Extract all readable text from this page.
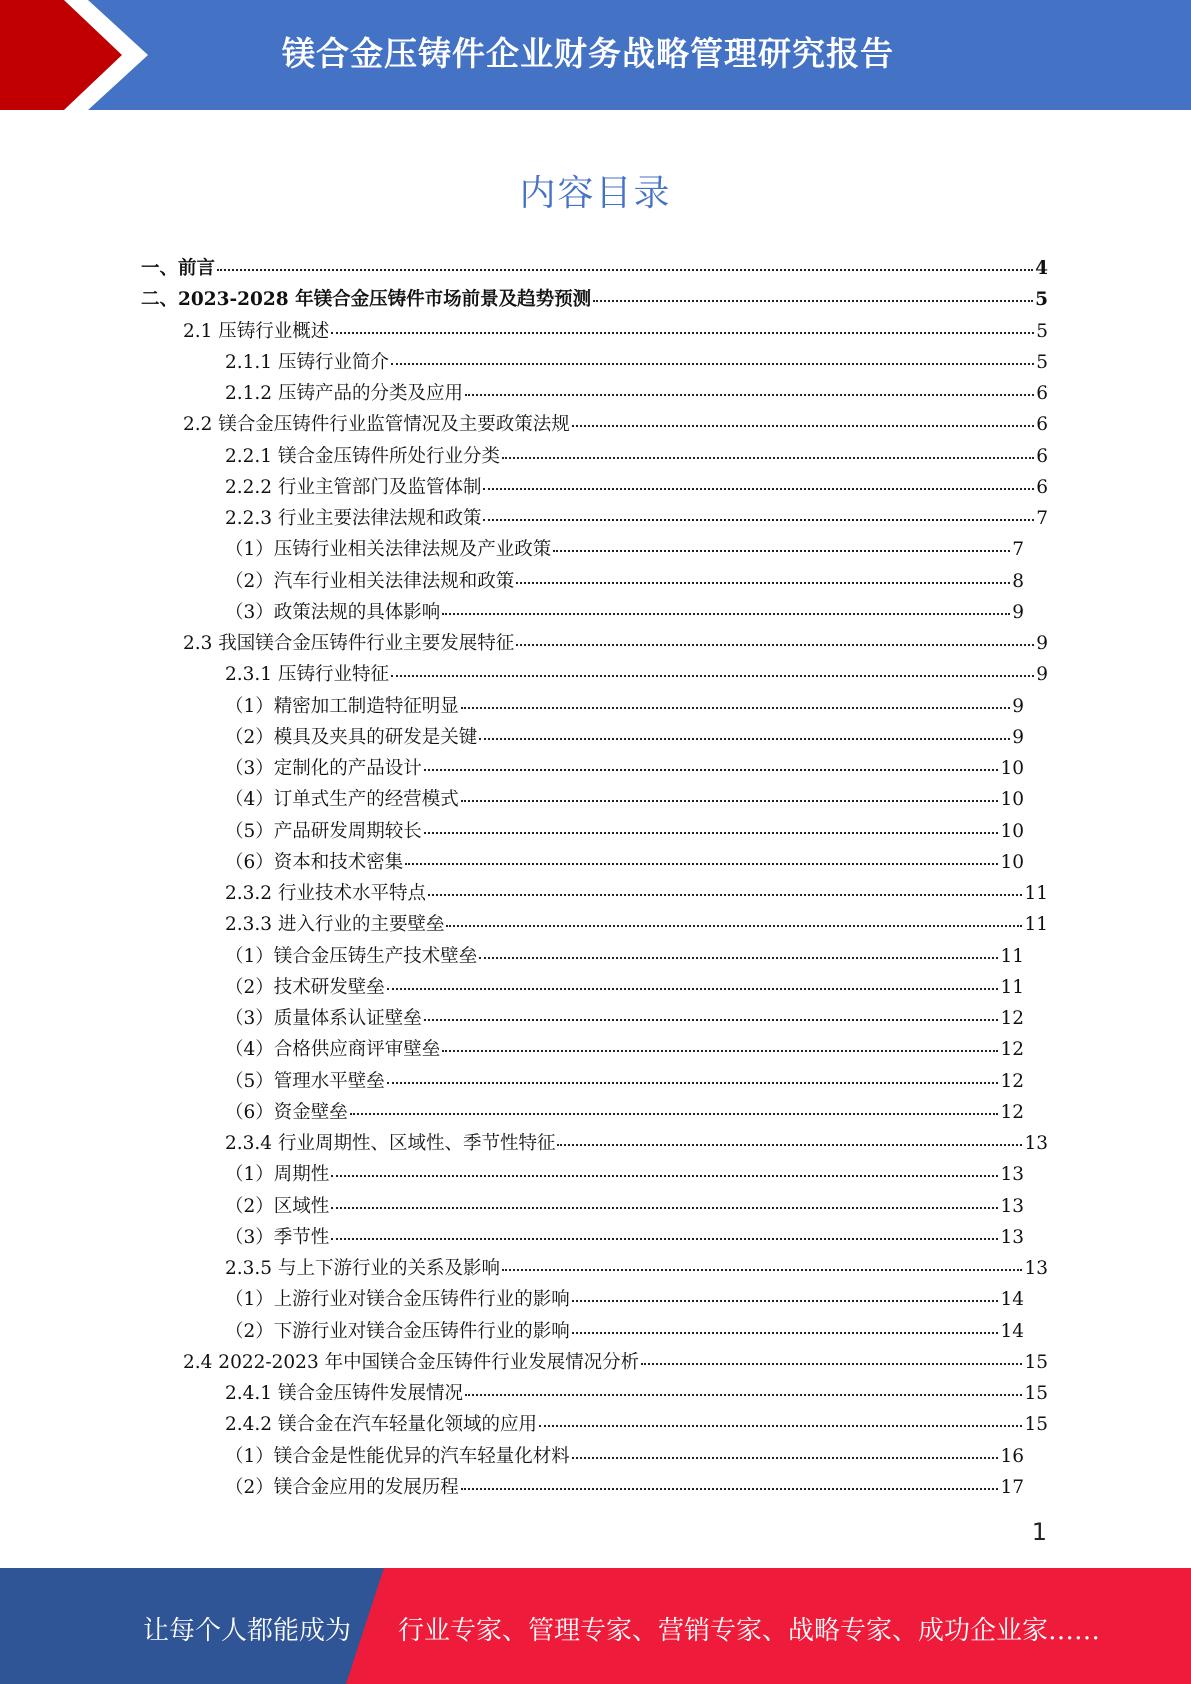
镁合金压铸件企业财务战略管理研究报告
内容目录
一、前言	4
二、2023-2028 年镁合金压铸件市场前景及趋势预测	5
2.1 压铸行业概述	5
2.1.1 压铸行业简介	5
2.1.2 压铸产品的分类及应用	6
2.2 镁合金压铸件行业监管情况及主要政策法规	6
2.2.1 镁合金压铸件所处行业分类	6
2.2.2 行业主管部门及监管体制	6
2.2.3 行业主要法律法规和政策	7
（1）压铸行业相关法律法规及产业政策	7
（2）汽车行业相关法律法规和政策	8
（3）政策法规的具体影响	9
2.3 我国镁合金压铸件行业主要发展特征	9
2.3.1 压铸行业特征	9
（1）精密加工制造特征明显	9
（2）模具及夹具的研发是关键	9
（3）定制化的产品设计	10
（4）订单式生产的经营模式	10
（5）产品研发周期较长	10
（6）资本和技术密集	10
2.3.2 行业技术水平特点	11
2.3.3 进入行业的主要壁垒	11
（1）镁合金压铸生产技术壁垒	11
（2）技术研发壁垒	11
（3）质量体系认证壁垒	12
（4）合格供应商评审壁垒	12
（5）管理水平壁垒	12
（6）资金壁垒	12
2.3.4 行业周期性、区域性、季节性特征	13
（1）周期性	13
（2）区域性	13
（3）季节性	13
2.3.5 与上下游行业的关系及影响	13
（1）上游行业对镁合金压铸件行业的影响	14
（2）下游行业对镁合金压铸件行业的影响	14
2.4 2022-2023 年中国镁合金压铸件行业发展情况分析	15
2.4.1 镁合金压铸件发展情况	15
2.4.2 镁合金在汽车轻量化领域的应用	15
（1）镁合金是性能优异的汽车轻量化材料	16
（2）镁合金应用的发展历程	17
1
让每个人都能成为 行业专家、管理专家、营销专家、战略专家、成功企业家……
